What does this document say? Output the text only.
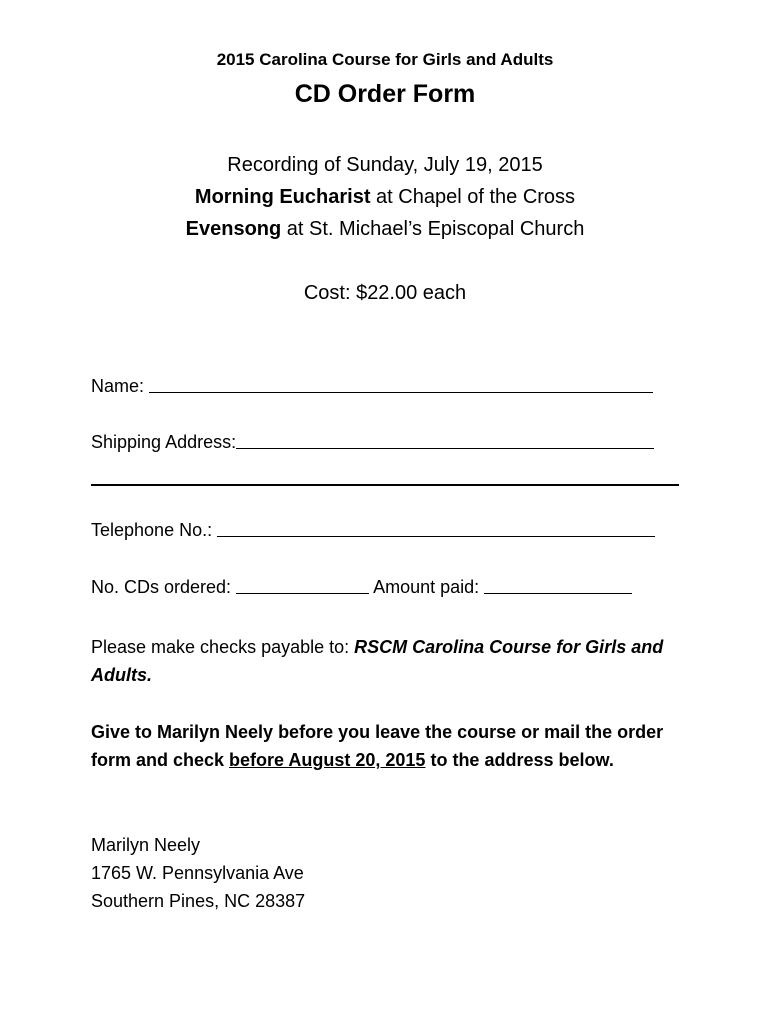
2015 Carolina Course for Girls and Adults
CD Order Form
Recording of Sunday, July 19, 2015
Morning Eucharist at Chapel of the Cross
Evensong at St. Michael’s Episcopal Church
Cost: $22.00 each
Name:
Shipping Address:
Telephone No.:
No. CDs ordered:	Amount paid:
Please make checks payable to: RSCM Carolina Course for Girls and Adults.
Give to Marilyn Neely before you leave the course or mail the order form and check before August 20, 2015 to the address below.
Marilyn Neely
1765 W. Pennsylvania Ave
Southern Pines, NC 28387
